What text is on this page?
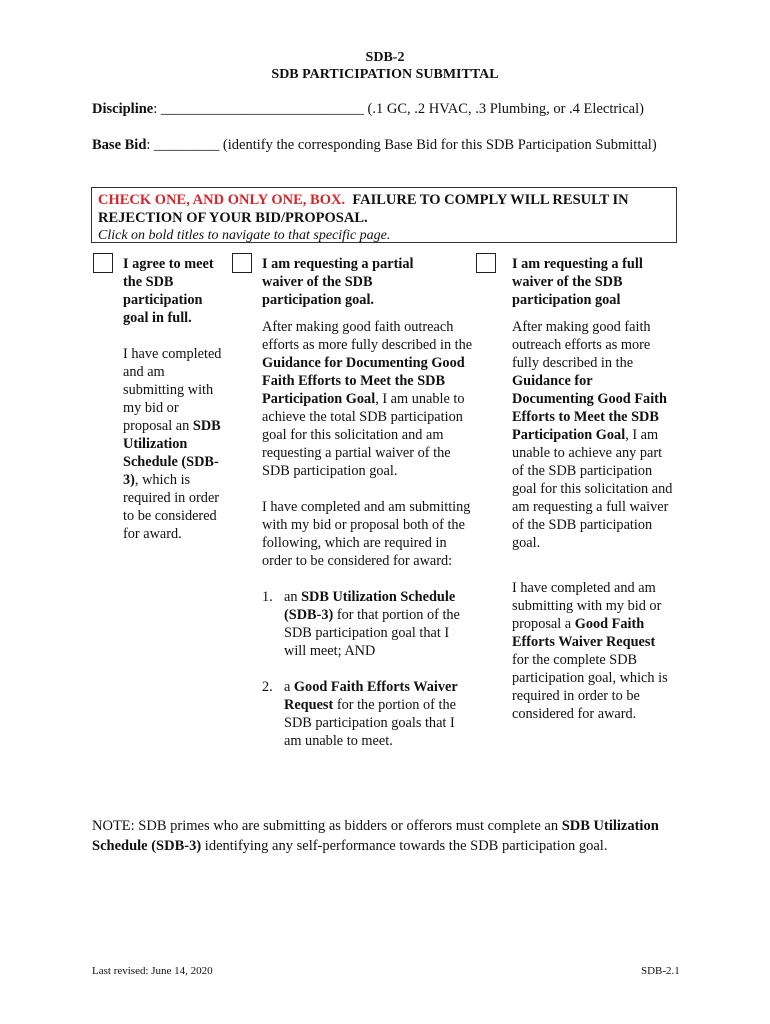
SDB-2
SDB PARTICIPATION SUBMITTAL
Discipline: ____________________________ (.1 GC, .2 HVAC, .3 Plumbing, or .4 Electrical)
Base Bid: _________ (identify the corresponding Base Bid for this SDB Participation Submittal)
CHECK ONE, AND ONLY ONE, BOX.  FAILURE TO COMPLY WILL RESULT IN
REJECTION OF YOUR BID/PROPOSAL.
Click on bold titles to navigate to that specific page.

I agree to meet the SDB participation goal in full.

I have completed and am submitting with my bid or proposal an SDB Utilization Schedule (SDB-3), which is required in order to be considered for award.

I am requesting a partial waiver of the SDB participation goal.

After making good faith outreach efforts as more fully described in the Guidance for Documenting Good Faith Efforts to Meet the SDB Participation Goal, I am unable to achieve the total SDB participation goal for this solicitation and am requesting a partial waiver of the SDB participation goal.

I have completed and am submitting with my bid or proposal both of the following, which are required in order to be considered for award:

1. an SDB Utilization Schedule (SDB-3) for that portion of the SDB participation goal that I will meet; AND
2. a Good Faith Efforts Waiver Request for the portion of the SDB participation goals that I am unable to meet.

I am requesting a full waiver of the SDB participation goal

After making good faith outreach efforts as more fully described in the Guidance for Documenting Good Faith Efforts to Meet the SDB Participation Goal, I am unable to achieve any part of the SDB participation goal for this solicitation and am requesting a full waiver of the SDB participation goal.

I have completed and am submitting with my bid or proposal a Good Faith Efforts Waiver Request for the complete SDB participation goal, which is required in order to be considered for award.

NOTE: SDB primes who are submitting as bidders or offerors must complete an SDB Utilization Schedule (SDB-3) identifying any self-performance towards the SDB participation goal.
Last revised: June 14, 2020	SDB-2.1
